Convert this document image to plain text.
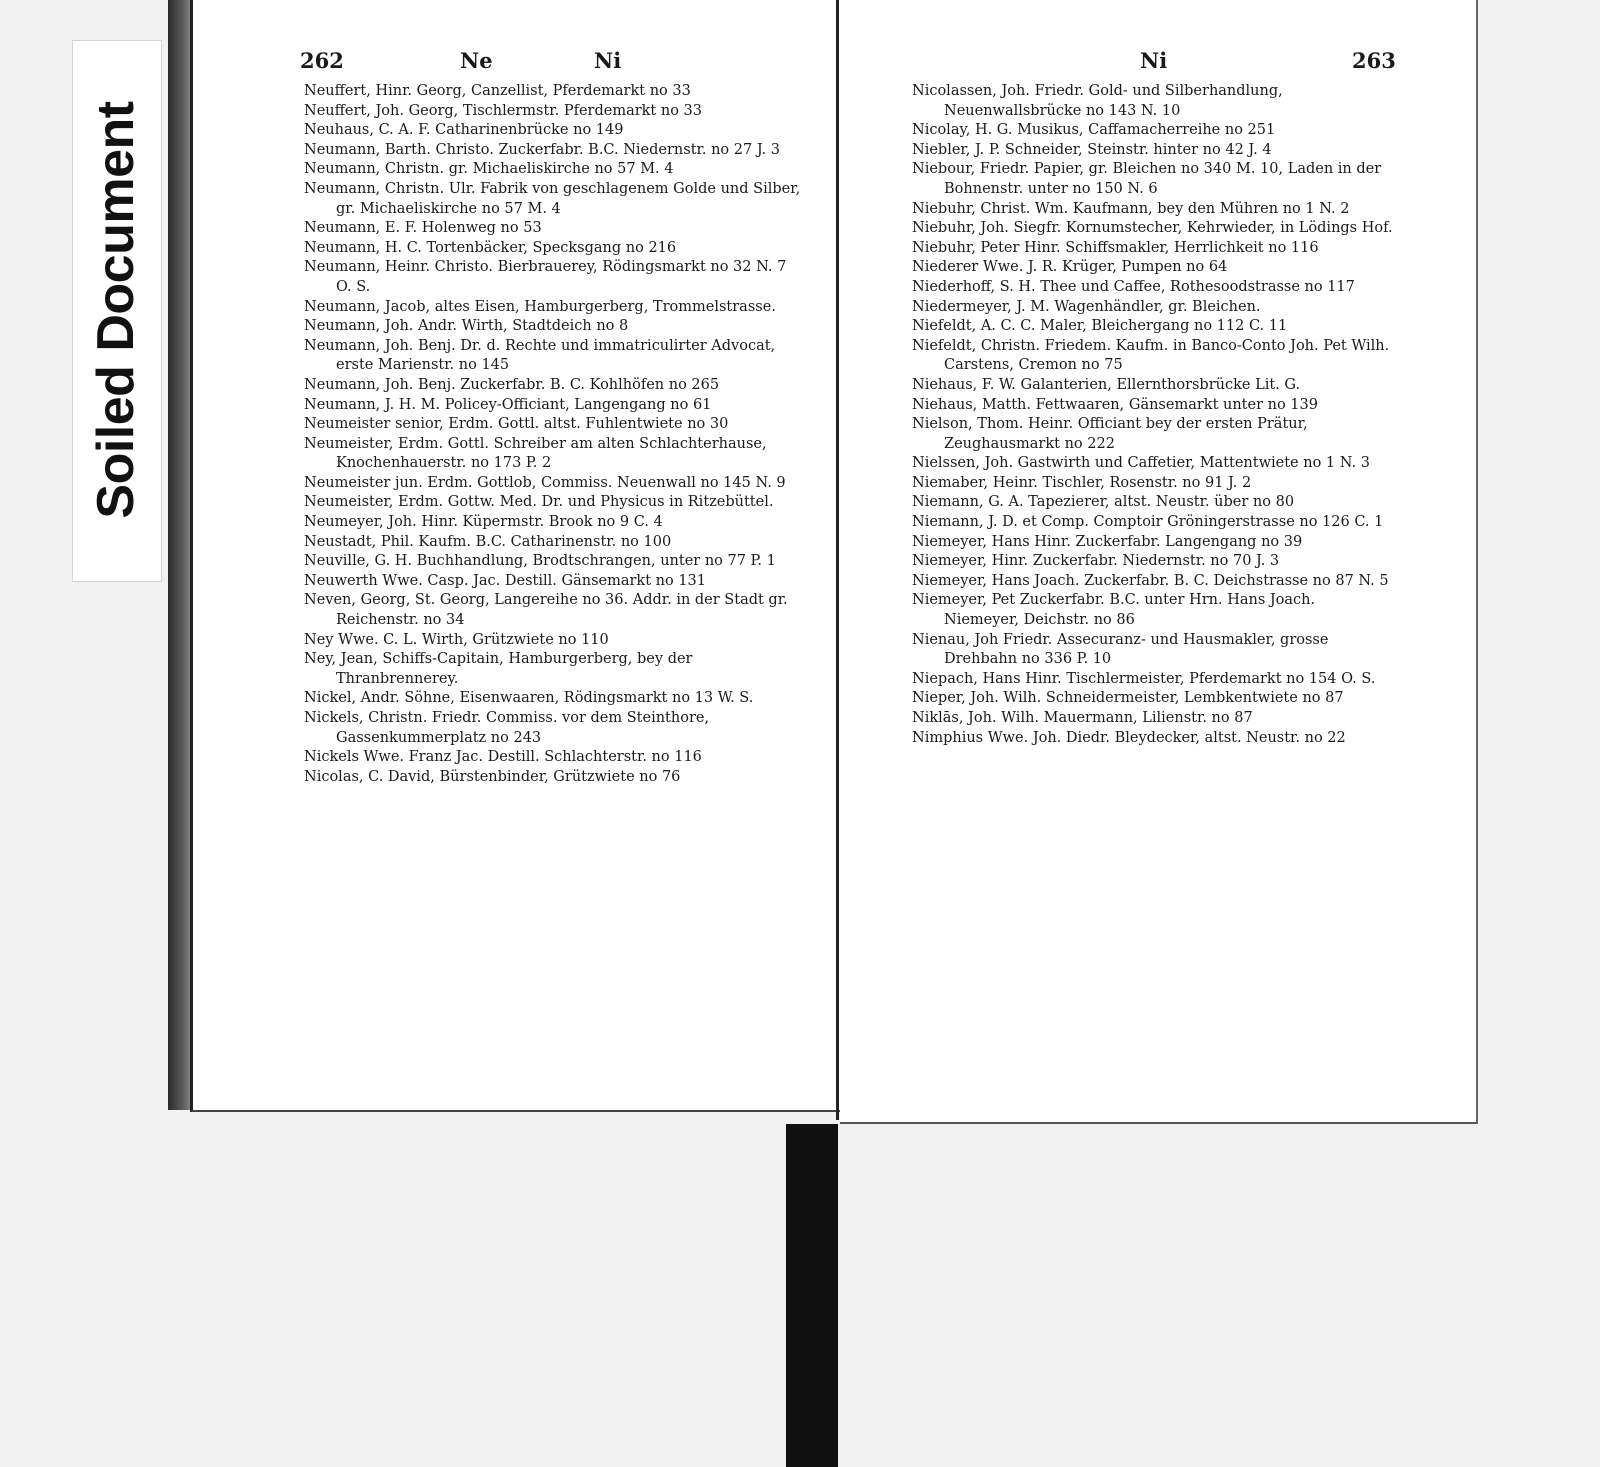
Soiled Document
262	Ne	Ni	Ni	263
Neuffert, Hinr. Georg, Canzellist, Pferdemarkt no 33
Neuffert, Joh. Georg, Tischlermstr. Pferdemarkt no 33
Neuhaus, C. A. F. Catharinenbrücke no 149
Neumann, Barth. Christo. Zuckerfabr. B.C. Niedernstr. no 27 J. 3
Neumann, Christn. gr. Michaeliskirche no 57 M. 4
Neumann, Christn. Ulr. Fabrik von geschlagenem Golde und Silber, gr. Michaeliskirche no 57 M. 4
Neumann, E. F. Holenweg no 53
Neumann, H. C. Tortenbäcker, Specksgang no 216
Neumann, Heinr. Christo. Bierbrauerey, Rödingsmarkt no 32 N. 7 O. S.
Neumann, Jacob, altes Eisen, Hamburgerberg, Trommelstrasse.
Neumann, Joh. Andr. Wirth, Stadtdeich no 8
Neumann, Joh. Benj. Dr. d. Rechte und immatriculirter Advocat, erste Marienstr. no 145
Neumann, Joh. Benj. Zuckerfabr. B. C. Kohlhöfen no 265
Neumann, J. H. M. Policey-Officiant, Langengang no 61
Neumeister senior, Erdm. Gottl. altst. Fuhlentwiete no 30
Neumeister, Erdm. Gottl. Schreiber am alten Schlachterhause, Knochenhauerstr. no 173 P. 2
Neumeister jun. Erdm. Gottlob, Commiss. Neuenwall no 145 N. 9
Neumeister, Erdm. Gottw. Med. Dr. und Physicus in Ritzebüttel.
Neumeyer, Joh. Hinr. Küpermstr. Brook no 9 C. 4
Neustadt, Phil. Kaufm. B.C. Catharinenstr. no 100
Neuville, G. H. Buchhandlung, Brodtschrangen, unter no 77 P. 1
Neuwerth Wwe. Casp. Jac. Destill. Gänsemarkt no 131
Neven, Georg, St. Georg, Langereihe no 36. Addr. in der Stadt gr. Reichenstr. no 34
Ney Wwe. C. L. Wirth, Grützwiete no 110
Ney, Jean, Schiffs-Capitain, Hamburgerberg, bey der Thranbrennerey.
Nickel, Andr. Söhne, Eisenwaaren, Rödingsmarkt no 13 W. S.
Nickels, Christn. Friedr. Commiss. vor dem Steinthore, Gassenkummerplatz no 243
Nickels Wwe. Franz Jac. Destill. Schlachterstr. no 116
Nicolas, C. David, Bürstenbinder, Grützwiete no 76
Nicolassen, Joh. Friedr. Gold- und Silberhandlung, Neuenwallsbrücke no 143 N. 10
Nicolay, H. G. Musikus, Caffamacherreihe no 251
Niebler, J. P. Schneider, Steinstr. hinter no 42 J. 4
Niebour, Friedr. Papier, gr. Bleichen no 340 M. 10, Laden in der Bohnenstr. unter no 150 N. 6
Niebuhr, Christ. Wm. Kaufmann, bey den Mühren no 1 N. 2
Niebuhr, Joh. Siegfr. Kornumstecher, Kehrwieder, in Lödings Hof.
Niebuhr, Peter Hinr. Schiffsmakler, Herrlichkeit no 116
Niederer Wwe. J. R. Krüger, Pumpen no 64
Niederhoff, S. H. Thee und Caffee, Rothesoodstrasse no 117
Niedermeyer, J. M. Wagenhändler, gr. Bleichen.
Niefeldt, A. C. C. Maler, Bleichergang no 112 C. 11
Niefeldt, Christn. Friedem. Kaufm. in Banco-Conto Joh. Pet Wilh. Carstens, Cremon no 75
Niehaus, F. W. Galanterien, Ellernthorsbrücke Lit. G.
Niehaus, Matth. Fettwaaren, Gänsemarkt unter no 139
Nielson, Thom. Heinr. Officiant bey der ersten Prätur, Zeughausmarkt no 222
Nielssen, Joh. Gastwirth und Caffetier, Mattentwiete no 1 N. 3
Niemaber, Heinr. Tischler, Rosenstr. no 91 J. 2
Niemann, G. A. Tapezierer, altst. Neustr. über no 80
Niemann, J. D. et Comp. Comptoir Gröningerstrasse no 126 C. 1
Niemeyer, Hans Hinr. Zuckerfabr. Langengang no 39
Niemeyer, Hinr. Zuckerfabr. Niedernstr. no 70 J. 3
Niemeyer, Hans Joach. Zuckerfabr. B. C. Deichstrasse no 87 N. 5
Niemeyer, Pet Zuckerfabr. B.C. unter Hrn. Hans Joach. Niemeyer, Deichstr. no 86
Nienau, Joh Friedr. Assecuranz- und Hausmakler, grosse Drehbahn no 336 P. 10
Niepach, Hans Hinr. Tischlermeister, Pferdemarkt no 154 O. S.
Nieper, Joh. Wilh. Schneidermeister, Lembkentwiete no 87
Niklās, Joh. Wilh. Mauermann, Lilienstr. no 87
Nimphius Wwe. Joh. Diedr. Bleydecker, altst. Neustr. no 22
